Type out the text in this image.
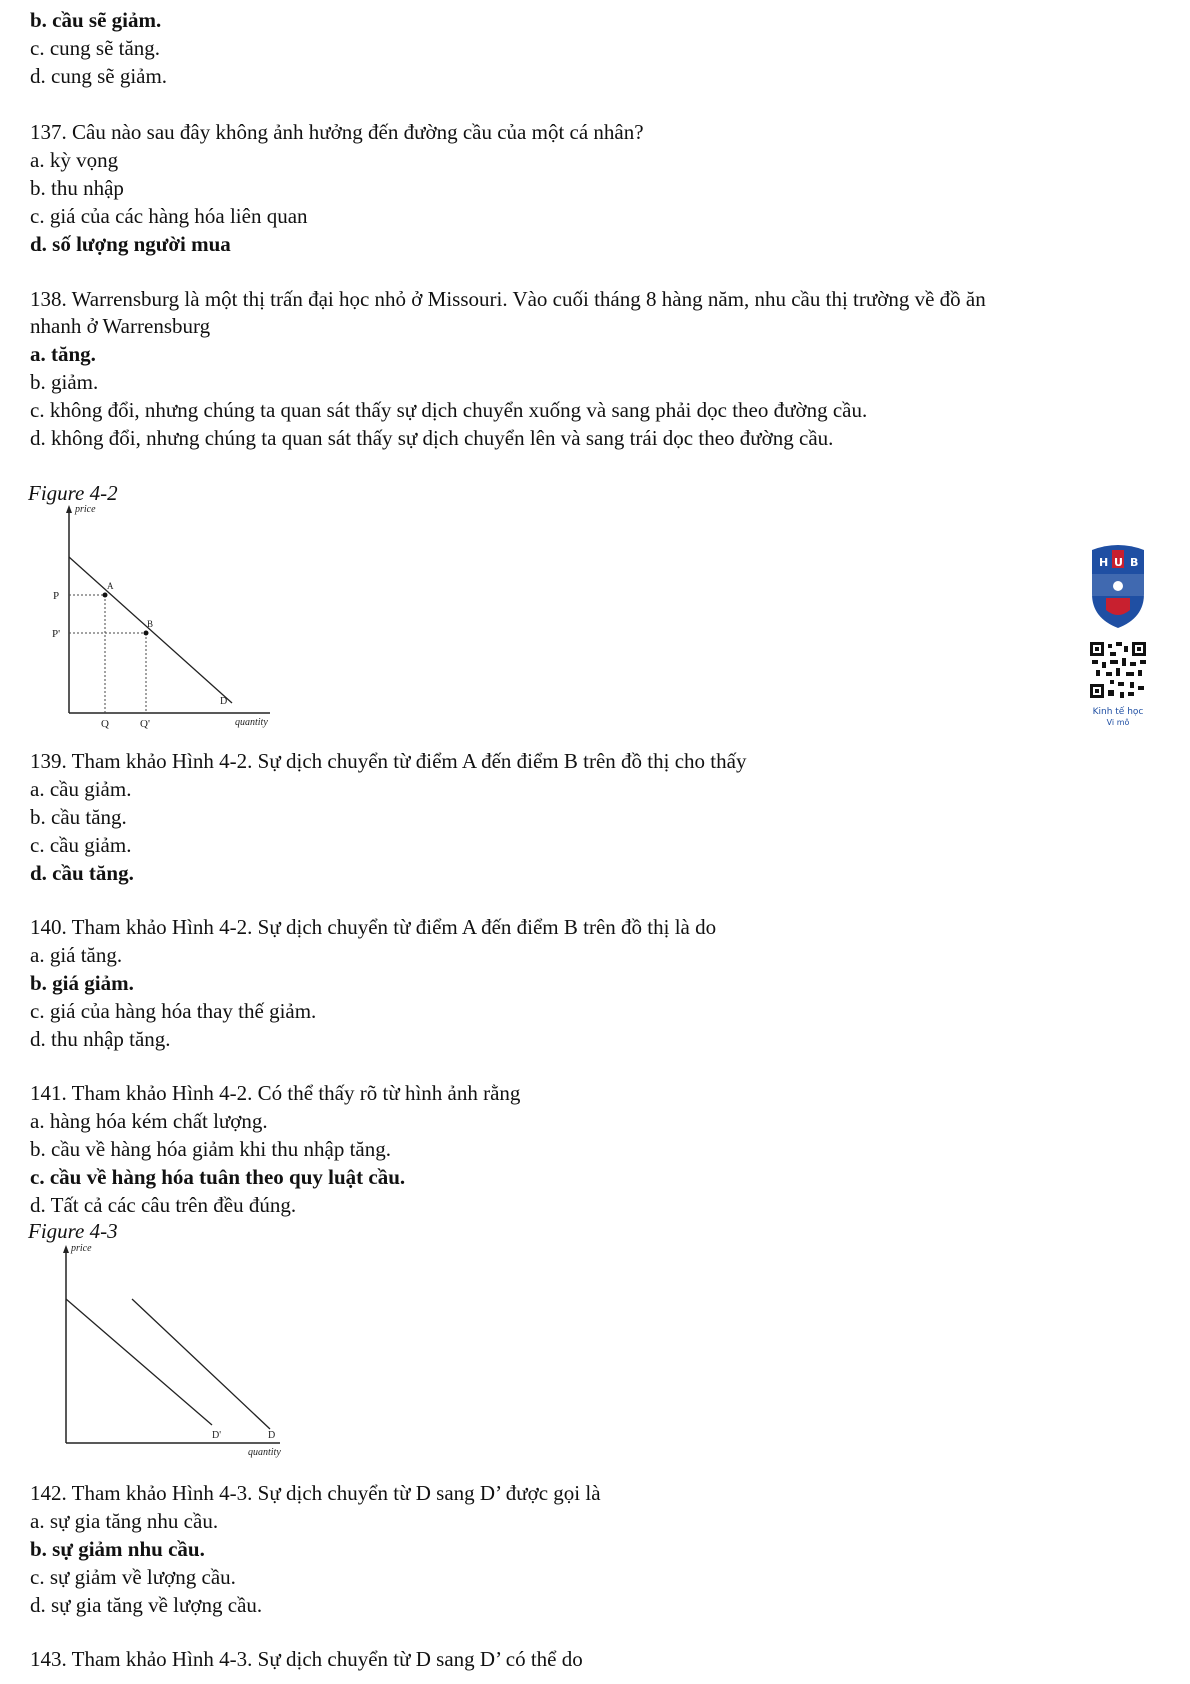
b. cầu sẽ giảm.
c. cung sẽ tăng.
d. cung sẽ giảm.
137. Câu nào sau đây không ảnh hưởng đến đường cầu của một cá nhân?
a. kỳ vọng
b. thu nhập
c. giá của các hàng hóa liên quan
d. số lượng người mua
138. Warrensburg là một thị trấn đại học nhỏ ở Missouri. Vào cuối tháng 8 hàng năm, nhu cầu thị trường về đồ ăn
nhanh ở Warrensburg
a. tăng.
b. giảm.
c. không đổi, nhưng chúng ta quan sát thấy sự dịch chuyển xuống và sang phải dọc theo đường cầu.
d. không đổi, nhưng chúng ta quan sát thấy sự dịch chuyển lên và sang trái dọc theo đường cầu.
Figure 4-2
price
quantity
P
P'
Q	Q'
A
B
D
H U B
Kinh tế học
Vi mô
139. Tham khảo Hình 4-2. Sự dịch chuyển từ điểm A đến điểm B trên đồ thị cho thấy
a. cầu giảm.
b. cầu tăng.
c. cầu giảm.
d. cầu tăng.
140. Tham khảo Hình 4-2. Sự dịch chuyển từ điểm A đến điểm B trên đồ thị là do
a. giá tăng.
b. giá giảm.
c. giá của hàng hóa thay thế giảm.
d. thu nhập tăng.
141. Tham khảo Hình 4-2. Có thể thấy rõ từ hình ảnh rằng
a. hàng hóa kém chất lượng.
b. cầu về hàng hóa giảm khi thu nhập tăng.
c. cầu về hàng hóa tuân theo quy luật cầu.
d. Tất cả các câu trên đều đúng.
Figure 4-3
price
quantity
D'	D
142. Tham khảo Hình 4-3. Sự dịch chuyển từ D sang D’ được gọi là
a. sự gia tăng nhu cầu.
b. sự giảm nhu cầu.
c. sự giảm về lượng cầu.
d. sự gia tăng về lượng cầu.
143. Tham khảo Hình 4-3. Sự dịch chuyển từ D sang D’ có thể do
